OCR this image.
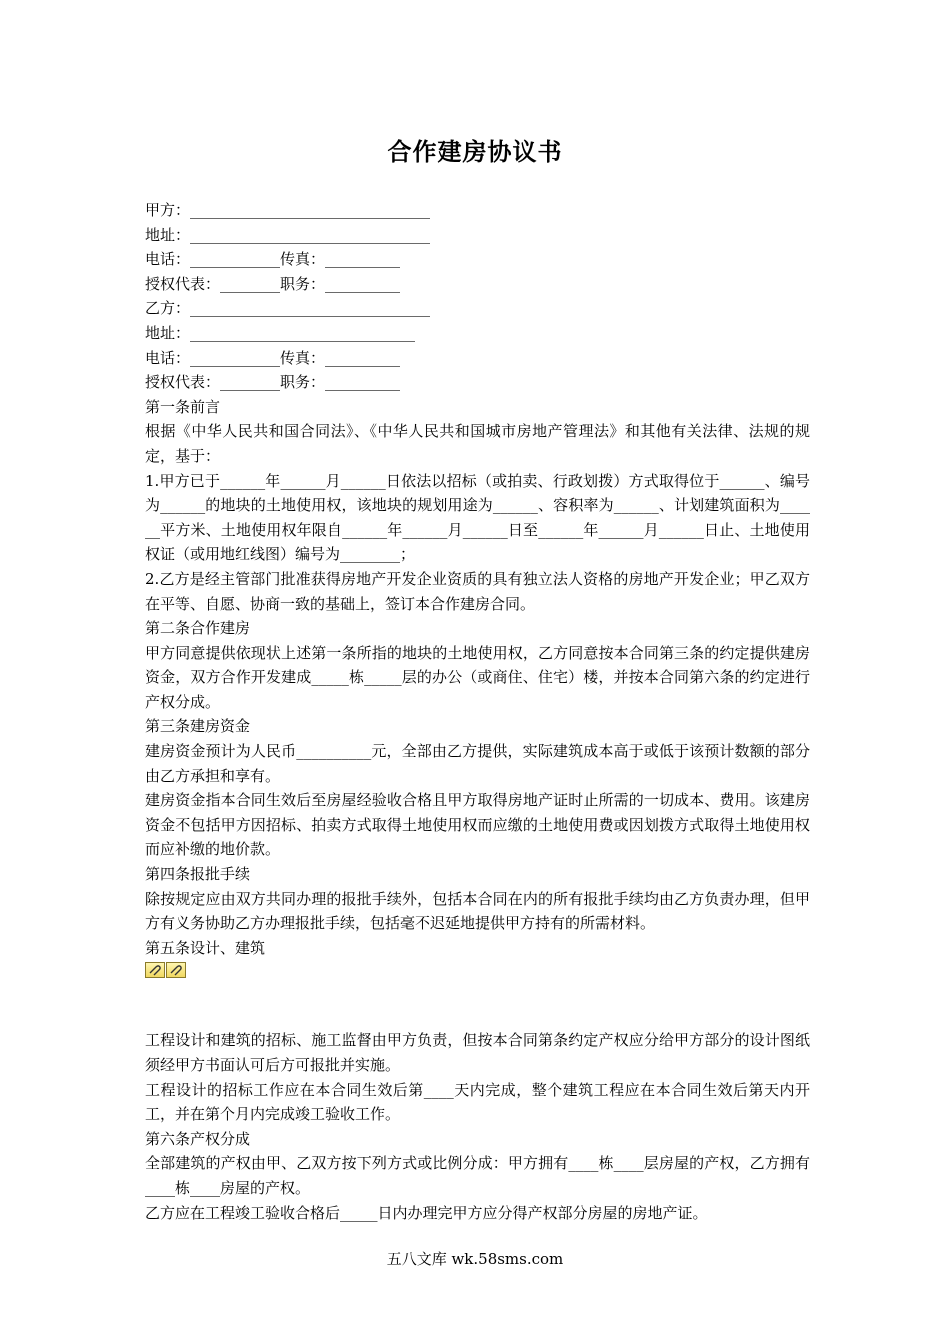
合作建房协议书
甲方：________________________________
地址：________________________________
电话：____________传真：__________
授权代表：________职务：__________
乙方：________________________________
地址：______________________________
电话：____________传真：__________
授权代表：________职务：__________
第一条前言
根据《中华人民共和国合同法》、《中华人民共和国城市房地产管理法》和其他有关法律、法规的规定，基于：
1.甲方已于______年______月______日依法以招标（或拍卖、行政划拨）方式取得位于______、编号为______的地块的土地使用权，该地块的规划用途为______、容积率为______、计划建筑面积为______平方米、土地使用权年限自______年______月______日至______年______月______日止、土地使用权证（或用地红线图）编号为________；
2.乙方是经主管部门批准获得房地产开发企业资质的具有独立法人资格的房地产开发企业；甲乙双方在平等、自愿、协商一致的基础上，签订本合作建房合同。
第二条合作建房
甲方同意提供依现状上述第一条所指的地块的土地使用权，乙方同意按本合同第三条的约定提供建房资金，双方合作开发建成_____栋_____层的办公（或商住、住宅）楼，并按本合同第六条的约定进行产权分成。
第三条建房资金
建房资金预计为人民币__________元，全部由乙方提供，实际建筑成本高于或低于该预计数额的部分由乙方承担和享有。
建房资金指本合同生效后至房屋经验收合格且甲方取得房地产证时止所需的一切成本、费用。该建房资金不包括甲方因招标、拍卖方式取得土地使用权而应缴的土地使用费或因划拨方式取得土地使用权而应补缴的地价款。
第四条报批手续
除按规定应由双方共同办理的报批手续外，包括本合同在内的所有报批手续均由乙方负责办理，但甲方有义务协助乙方办理报批手续，包括毫不迟延地提供甲方持有的所需材料。
第五条设计、建筑
工程设计和建筑的招标、施工监督由甲方负责，但按本合同第条约定产权应分给甲方部分的设计图纸须经甲方书面认可后方可报批并实施。
工程设计的招标工作应在本合同生效后第____天内完成，整个建筑工程应在本合同生效后第天内开工，并在第个月内完成竣工验收工作。
第六条产权分成
全部建筑的产权由甲、乙双方按下列方式或比例分成：甲方拥有____栋____层房屋的产权，乙方拥有____栋____房屋的产权。
乙方应在工程竣工验收合格后_____日内办理完甲方应分得产权部分房屋的房地产证。
五八文库 wk.58sms.com
